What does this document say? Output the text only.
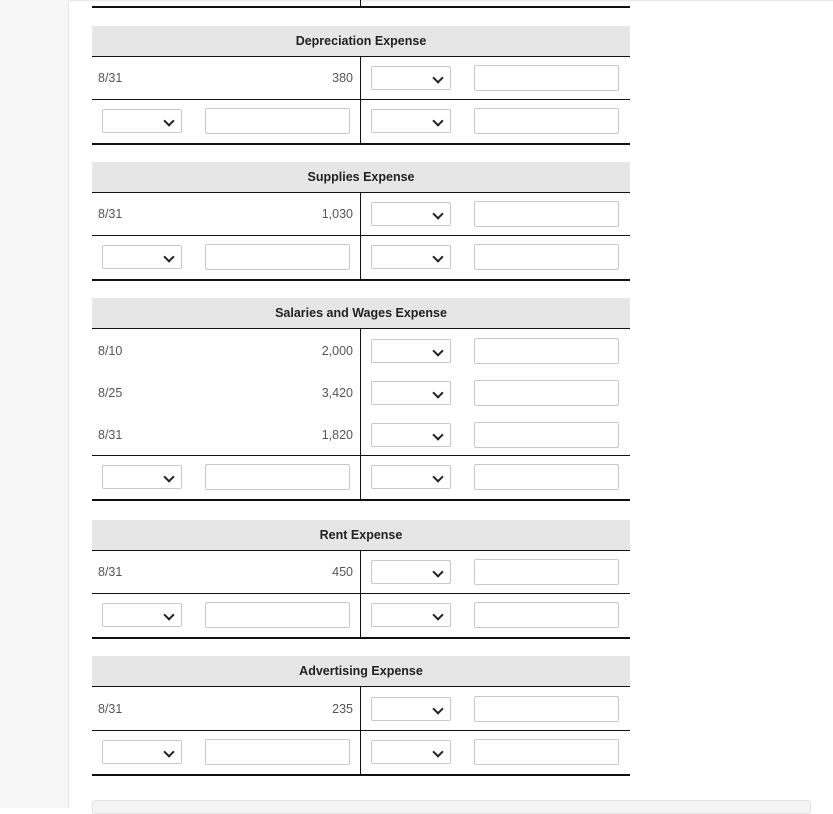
Depreciation Expense
8/31	380
Supplies Expense
8/31	1,030
Salaries and Wages Expense
8/10	2,000
8/25	3,420
8/31	1,820
Rent Expense
8/31	450
Advertising Expense
8/31	235
